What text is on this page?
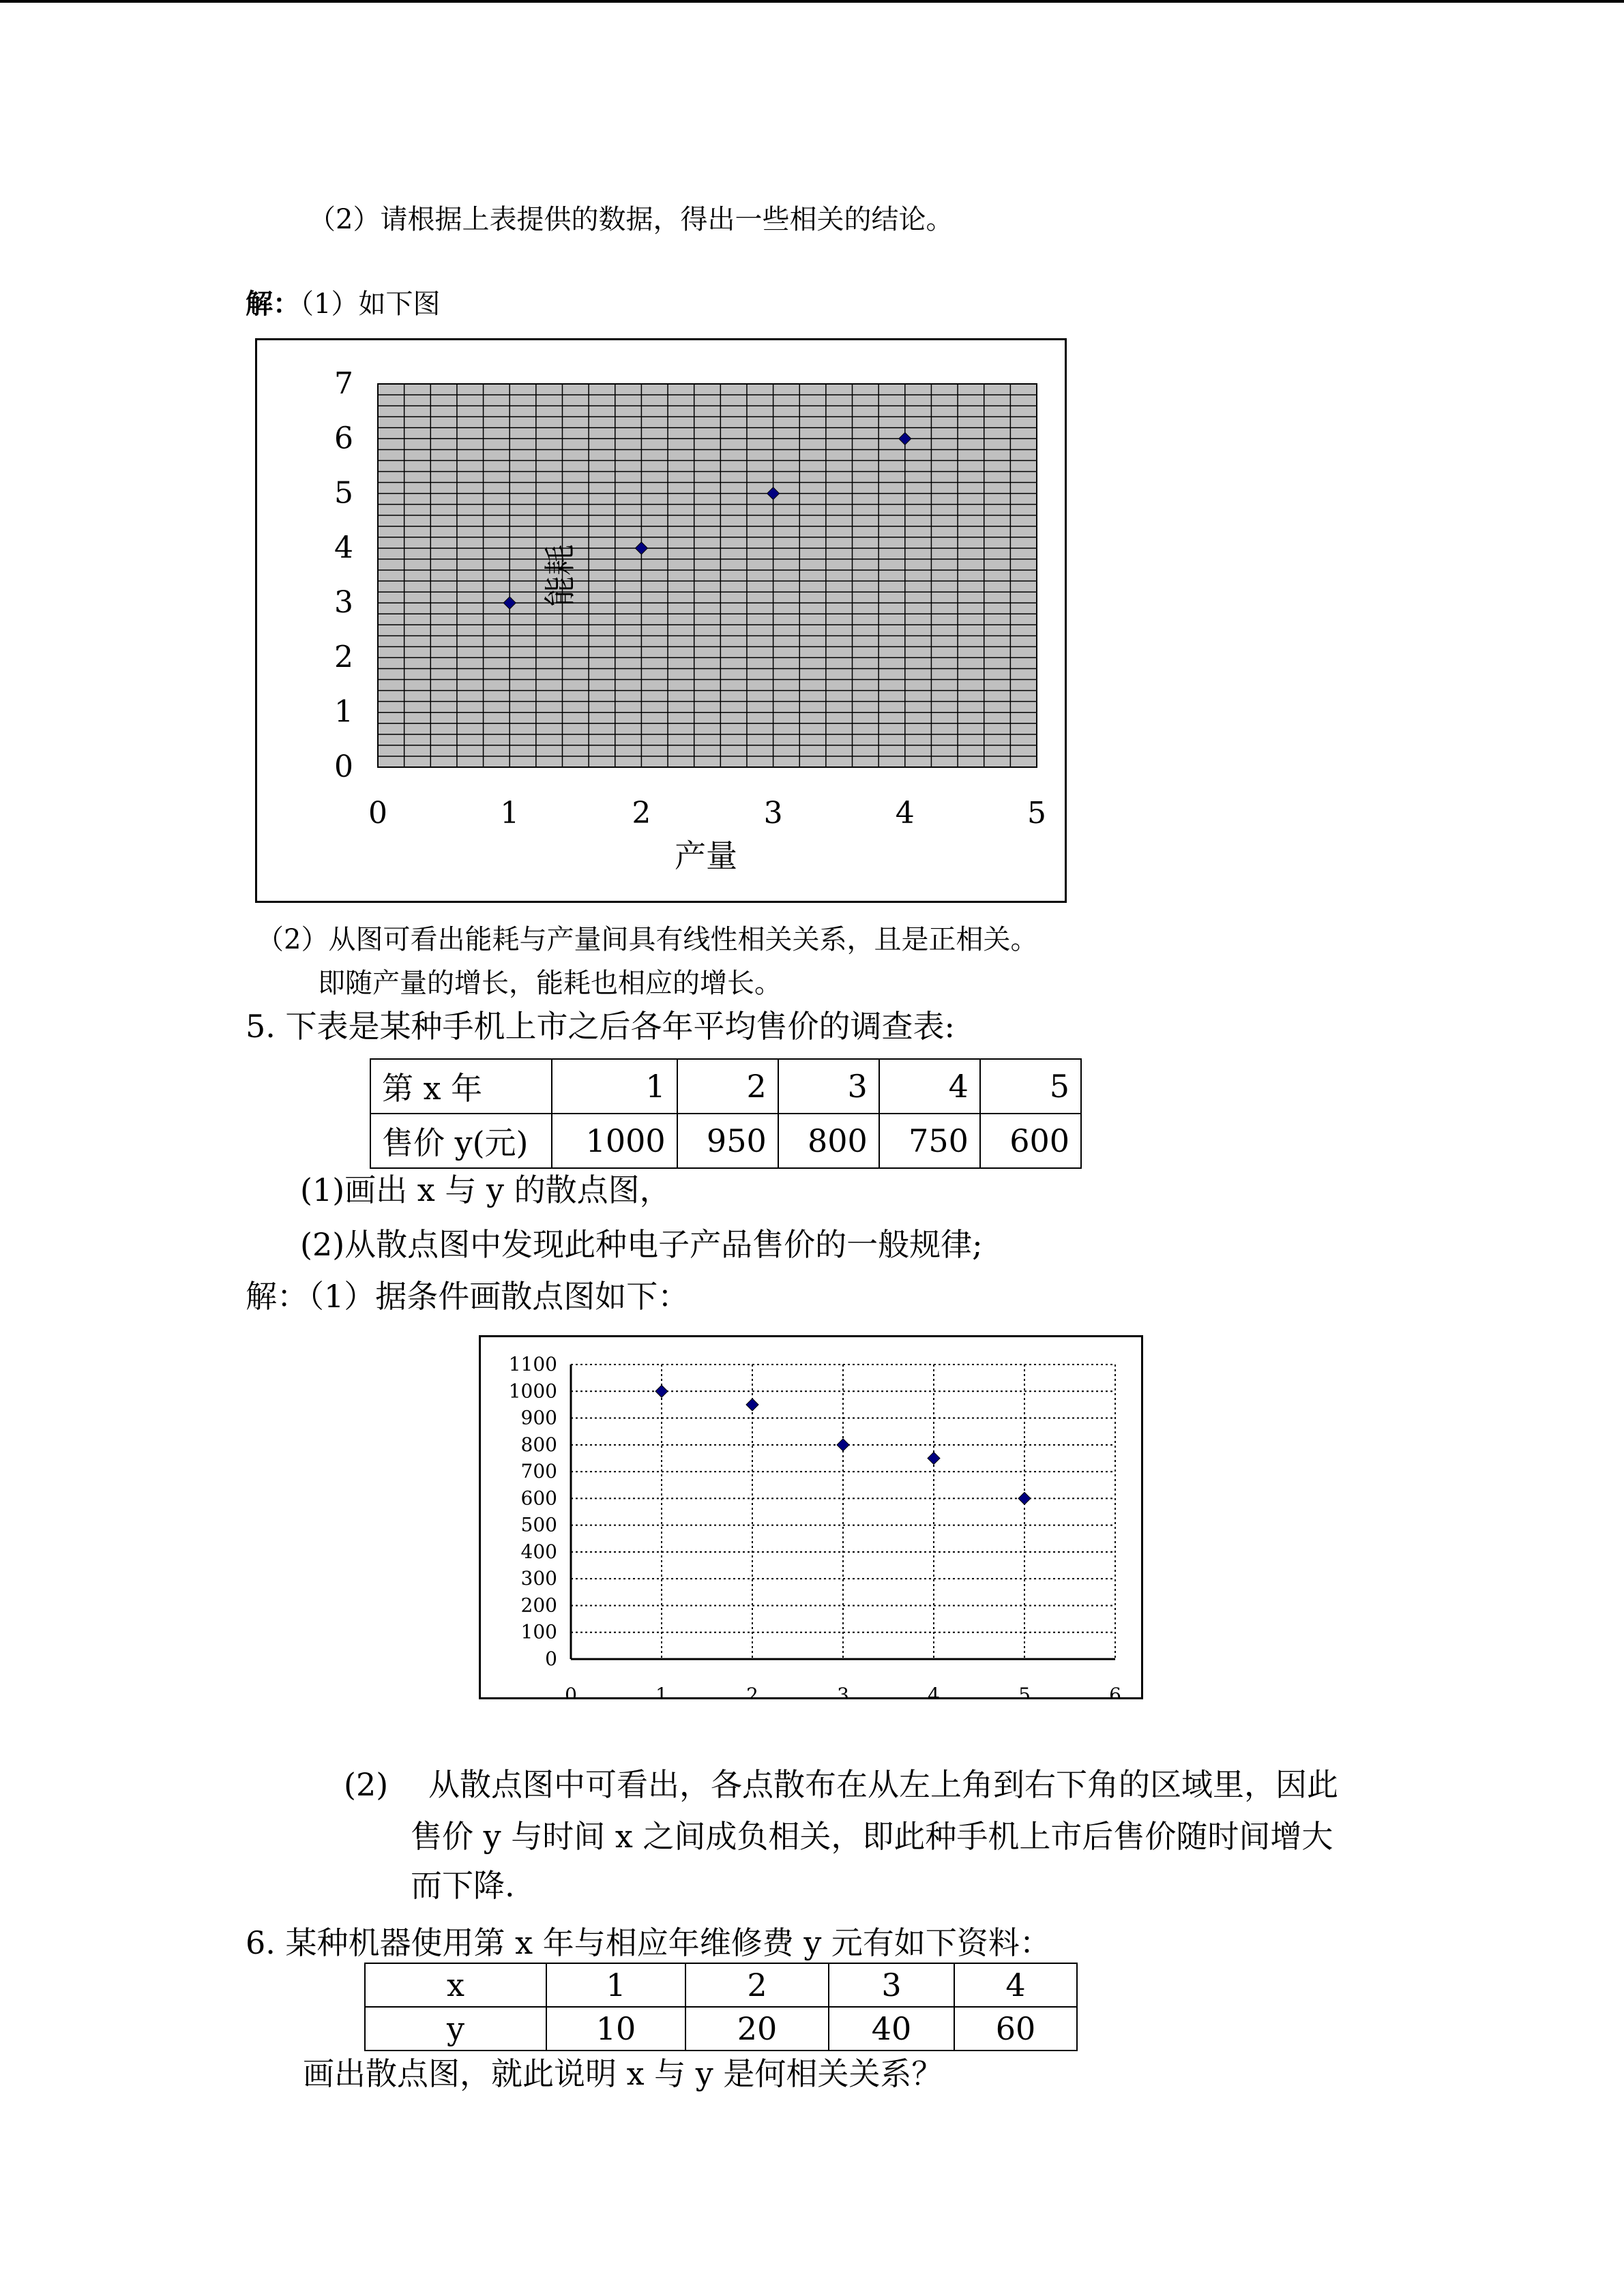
（2）请根据上表提供的数据，得出一些相关的结论。
解：（1）如下图
0
1
2
3
4
5
6
7
0	1	2	3	4	5
产量
能耗
（2）从图可看出能耗与产量间具有线性相关关系，且是正相关。
即随产量的增长，能耗也相应的增长。
5. 下表是某种手机上市之后各年平均售价的调查表:
第 x 年	1	2	3	4	5
售价 y(元)	1000	950	800	750	600
(1)画出 x 与 y 的散点图，
(2)从散点图中发现此种电子产品售价的一般规律;
解：（1）据条件画散点图如下：
0
100
200
300
400
500
600
700
800
900
1000
1100
0	1	2	3	4	5	6
(2) 从散点图中可看出，各点散布在从左上角到右下角的区域里，因此
售价 y 与时间 x 之间成负相关，即此种手机上市后售价随时间增大
而下降.
6. 某种机器使用第 x 年与相应年维修费 y 元有如下资料：
x	1	2	3	4
y	10	20	40	60
画出散点图，就此说明 x 与 y 是何相关关系？
